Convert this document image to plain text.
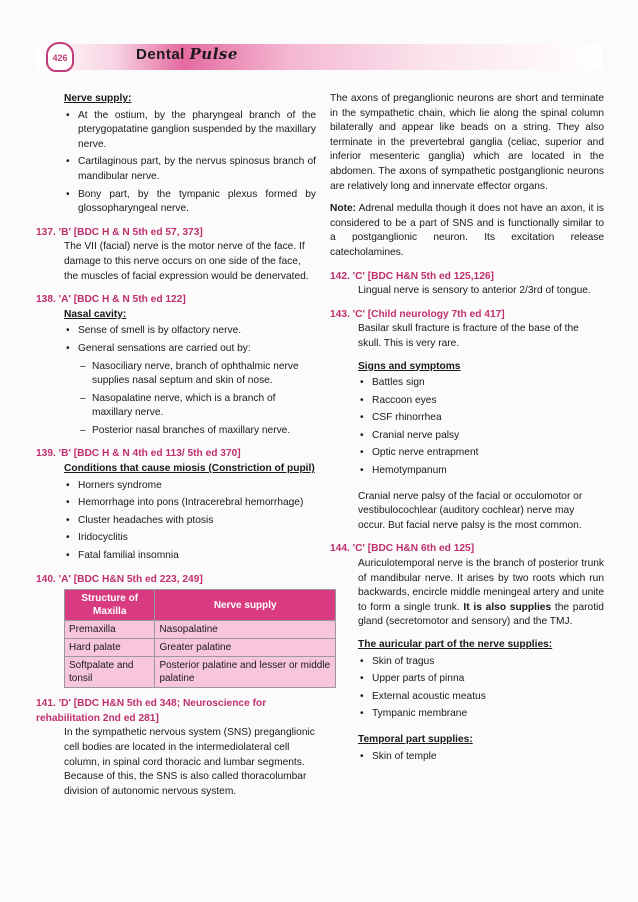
426	Dental Pulse
Nerve supply:
• At the ostium, by the pharyngeal branch of the pterygopatatine ganglion suspended by the maxillary nerve.
• Cartilaginous part, by the nervus spinosus branch of mandibular nerve.
• Bony part, by the tympanic plexus formed by glossopharyngeal nerve.
137. 'B' [BDC H & N 5th ed 57, 373]
The VII (facial) nerve is the motor nerve of the face. If damage to this nerve occurs on one side of the face, the muscles of facial expression would be denervated.
138. 'A' [BDC H & N 5th ed 122]
Nasal cavity:
• Sense of smell is by olfactory nerve.
• General sensations are carried out by:
– Nasociliary nerve, branch of ophthalmic nerve supplies nasal septum and skin of nose.
– Nasopalatine nerve, which is a branch of maxillary nerve.
– Posterior nasal branches of maxillary nerve.
139. 'B' [BDC H & N 4th ed 113/ 5th ed 370]
Conditions that cause miosis (Constriction of pupil)
• Horners syndrome
• Hemorrhage into pons (Intracerebral hemorrhage)
• Cluster headaches with ptosis
• Iridocyclitis
• Fatal familial insomnia
140. 'A' [BDC H&N 5th ed 223, 249]
Structure of Maxilla	Nerve supply
Premaxilla	Nasopalatine
Hard palate	Greater palatine
Softpalate and tonsil	Posterior palatine and lesser or middle palatine
141. 'D' [BDC H&N 5th ed 348; Neuroscience for rehabilitation 2nd ed 281]
In the sympathetic nervous system (SNS) preganglionic cell bodies are located in the intermediolateral cell column, in spinal cord thoracic and lumbar segments. Because of this, the SNS is also called thoracolumbar division of autonomic nervous system.
The axons of preganglionic neurons are short and terminate in the sympathetic chain, which lie along the spinal column bilaterally and appear like beads on a string. They also terminate in the prevertebral ganglia (celiac, superior and inferior mesenteric ganglia) which are located in the abdomen. The axons of sympathetic postganglionic neurons are relatively long and innervate effector organs.
Note: Adrenal medulla though it does not have an axon, it is considered to be a part of SNS and is functionally similar to a postganglionic neuron. Its excitation release catecholamines.
142. 'C' [BDC H&N 5th ed 125,126]
Lingual nerve is sensory to anterior 2/3rd of tongue.
143. 'C' [Child neurology 7th ed 417]
Basilar skull fracture is fracture of the base of the skull. This is very rare.
Signs and symptoms
• Battles sign
• Raccoon eyes
• CSF rhinorrhea
• Cranial nerve palsy
• Optic nerve entrapment
• Hemotympanum
Cranial nerve palsy of the facial or occulomotor or vestibulocochlear (auditory cochlear) nerve may occur. But facial nerve palsy is the most common.
144. 'C' [BDC H&N 6th ed 125]
Auriculotemporal nerve is the branch of posterior trunk of mandibular nerve. It arises by two roots which run backwards, encircle middle meningeal artery and unite to form a single trunk. It is also supplies the parotid gland (secretomotor and sensory) and the TMJ.
The auricular part of the nerve supplies:
• Skin of tragus
• Upper parts of pinna
• External acoustic meatus
• Tympanic membrane
Temporal part supplies:
• Skin of temple
